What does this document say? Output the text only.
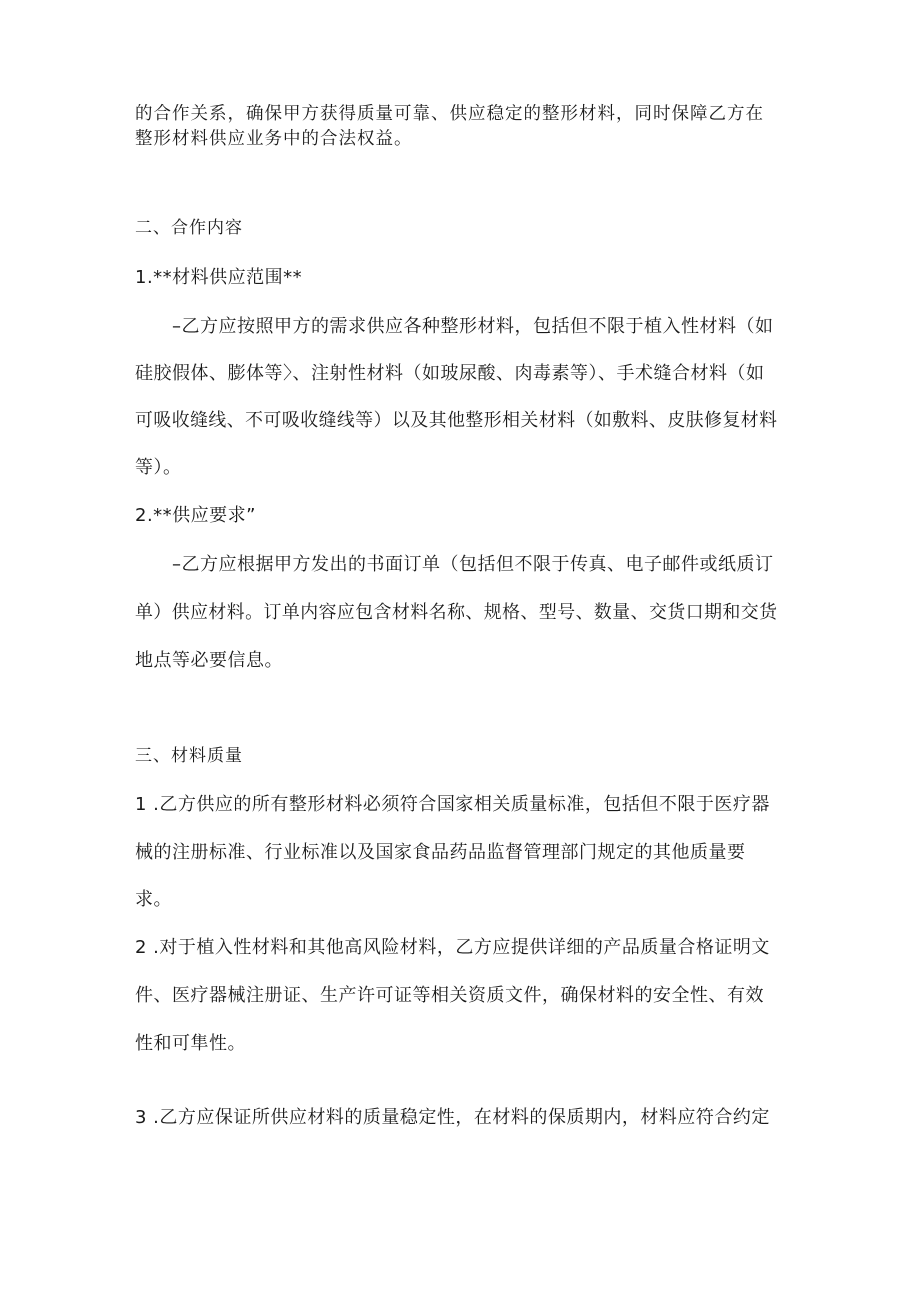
的合作关系，确保甲方获得质量可靠、供应稳定的整形材料，同时保障乙方在
整形材料供应业务中的合法权益。
二、合作内容
1.**材料供应范围**
–乙方应按照甲方的需求供应各种整形材料，包括但不限于植入性材料（如
硅胶假体、膨体等〉、注射性材料（如玻尿酸、肉毒素等）、手术缝合材料（如
可吸收缝线、不可吸收缝线等）以及其他整形相关材料（如敷料、皮肤修复材料
等）。
2.**供应要求”
–乙方应根据甲方发出的书面订单（包括但不限于传真、电子邮件或纸质订
单）供应材料。订单内容应包含材料名称、规格、型号、数量、交货口期和交货
地点等必要信息。
三、材料质量
1 .乙方供应的所有整形材料必须符合国家相关质量标准，包括但不限于医疗器
械的注册标准、行业标准以及国家食品药品监督管理部门规定的其他质量要
求。
2 .对于植入性材料和其他高风险材料，乙方应提供详细的产品质量合格证明文
件、医疗器械注册证、生产许可证等相关资质文件，确保材料的安全性、有效
性和可隼性。
3 .乙方应保证所供应材料的质量稳定性，在材料的保质期内，材料应符合约定
